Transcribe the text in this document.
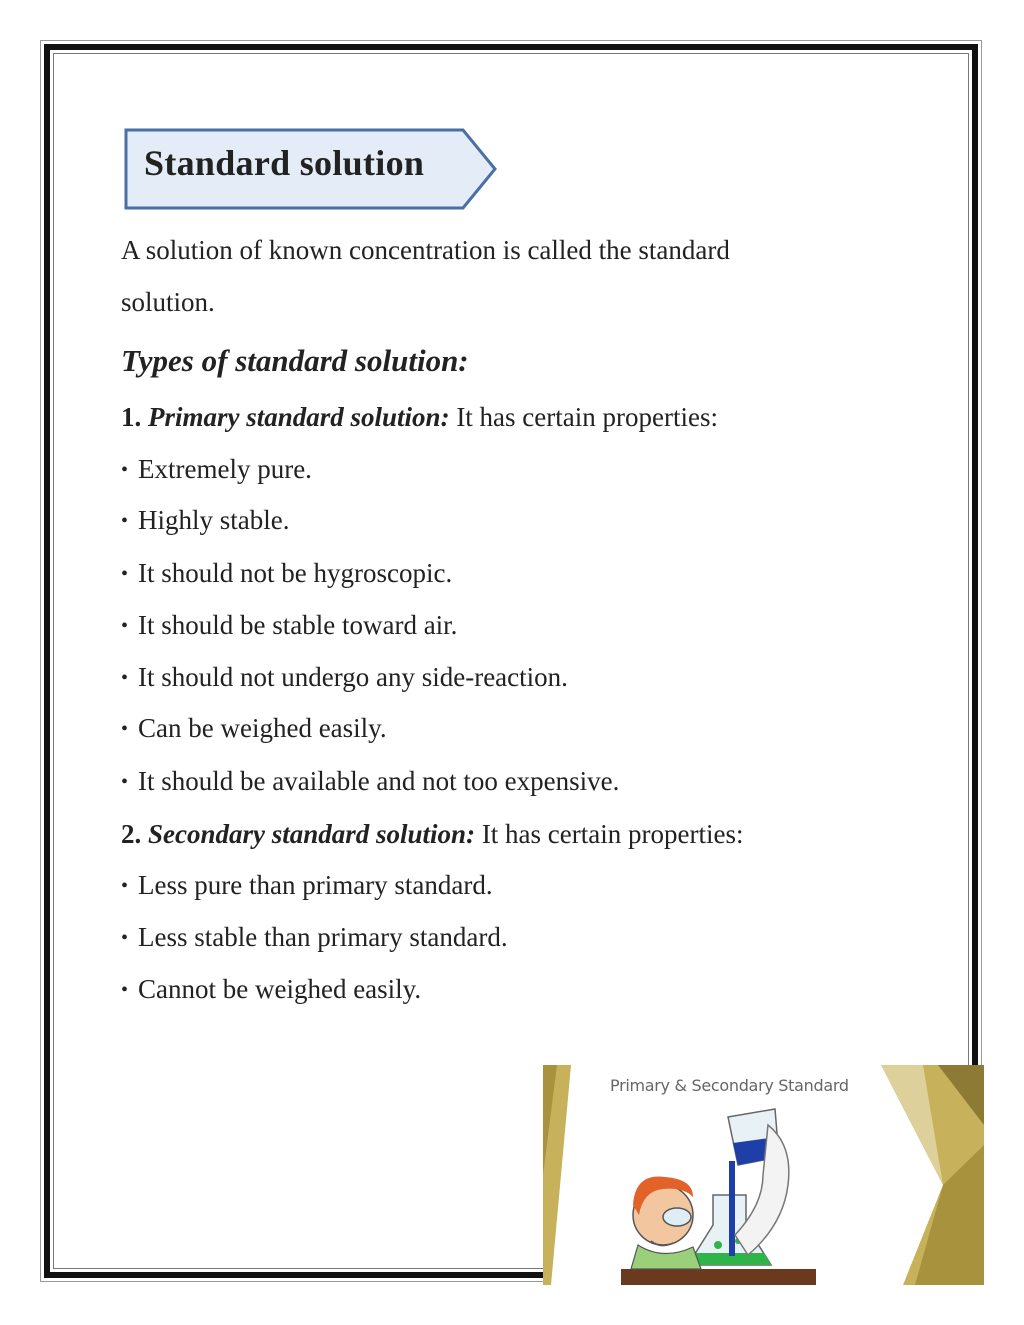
Standard solution
A solution of known concentration is called the standard
solution.
Types of standard solution:
1. Primary standard solution: It has certain properties:
• Extremely pure.
• Highly stable.
• It should not be hygroscopic.
• It should be stable toward air.
• It should not undergo any side-reaction.
• Can be weighed easily.
• It should be available and not too expensive.
2. Secondary standard solution: It has certain properties:
• Less pure than primary standard.
• Less stable than primary standard.
• Cannot be weighed easily.
Primary & Secondary Standard
